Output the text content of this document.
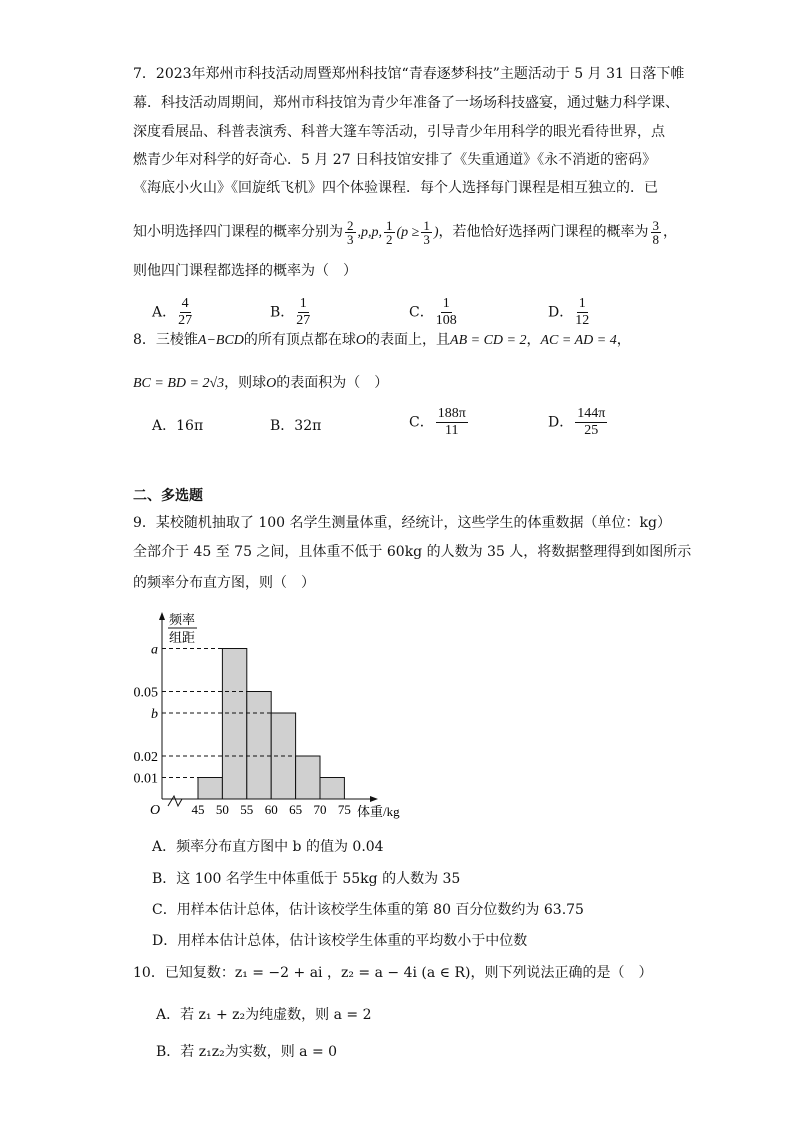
7．2023年郑州市科技活动周暨郑州科技馆“青春逐梦科技”主题活动于 5 月 31 日落下帷
幕．科技活动周期间，郑州市科技馆为青少年准备了一场场科技盛宴，通过魅力科学课、
深度看展品、科普表演秀、科普大篷车等活动，引导青少年用科学的眼光看待世界，点
燃青少年对科学的好奇心．5 月 27 日科技馆安排了《失重通道》《永不消逝的密码》
《海底小火山》《回旋纸飞机》四个体验课程．每个人选择每门课程是相互独立的．已
知小明选择四门课程的概率分别为 $\frac{2}{3} ,p,p$, $\frac{1}{2} (p \ge \frac{1}{3}$ )，若他恰好选择两门课程的概率为 $\frac{3}{8}$ ，
则他四门课程都选择的概率为（　）
A． $\frac{4}{27}$	B． $\frac{1}{27}$	C． $\frac{1}{108}$	D． $\frac{1}{12}$
8．三棱锥A−BCD的所有顶点都在球O的表面上，且AB = CD = 2，AC = AD = 4，
BC = BD = 2√3，则球O的表面积为（　）
A．16π	B．32π	C． $\frac{188\pi}{11}$	D． $\frac{144\pi}{25}$
二、多选题
9．某校随机抽取了 100 名学生测量体重，经统计，这些学生的体重数据（单位：kg）
全部介于 45 至 75 之间，且体重不低于 60kg 的人数为 35 人，将数据整理得到如图所示
的频率分布直方图，则（　）
a
0.05
b
0.02
0.01
45 50 55 60 65 70 75
O
频率
组距
体重/kg
A．频率分布直方图中 b 的值为 0.04
B．这 100 名学生中体重低于 55kg 的人数为 35
C．用样本估计总体，估计该校学生体重的第 80 百分位数约为 63.75
D．用样本估计总体，估计该校学生体重的平均数小于中位数
10．已知复数：z₁ = −2 + ai ，z₂ = a − 4i (a ∈ R)，则下列说法正确的是（　）
A．若 z₁ + z₂为纯虚数，则 a = 2
B．若 z₁z₂为实数，则 a = 0
